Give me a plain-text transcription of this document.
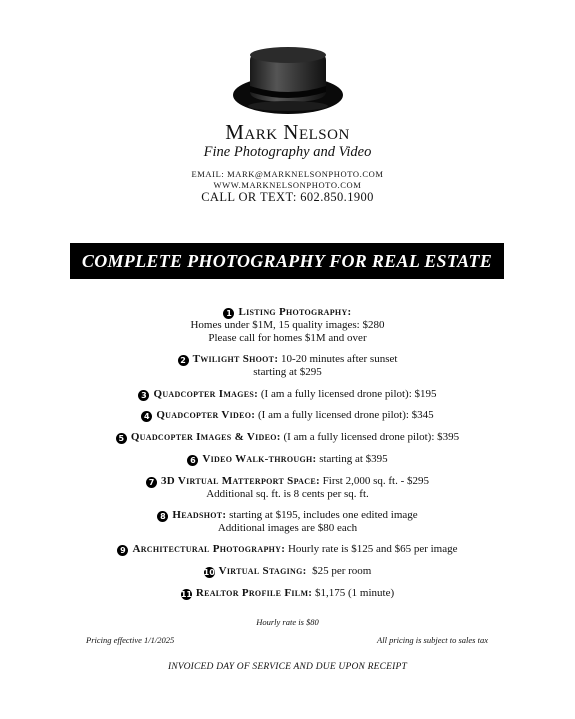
Mark Nelson
Fine Photography and Video
EMAIL: MARK@MARKNELSONPHOTO.COM
WWW.MARKNELSONPHOTO.COM
CALL OR TEXT: 602.850.1900
COMPLETE PHOTOGRAPHY FOR REAL ESTATE
1 Listing Photography:
Homes under $1M, 15 quality images: $280
Please call for homes $1M and over
2 Twilight Shoot: 10-20 minutes after sunset
starting at $295
3 Quadcopter Images: (I am a fully licensed drone pilot): $195
4 Quadcopter Video: (I am a fully licensed drone pilot): $345
5 Quadcopter Images & Video: (I am a fully licensed drone pilot): $395
6 Video Walk-through: starting at $395
7 3D Virtual Matterport Space: First 2,000 sq. ft. - $295
Additional sq. ft. is 8 cents per sq. ft.
8 Headshot: starting at $195, includes one edited image
Additional images are $80 each
9 Architectural Photography: Hourly rate is $125 and $65 per image
10 Virtual Staging:  $25 per room
11 Realtor Profile Film: $1,175 (1 minute)
Hourly rate is $80
Pricing effective 1/1/2025	All pricing is subject to sales tax
INVOICED DAY OF SERVICE AND DUE UPON RECEIPT
